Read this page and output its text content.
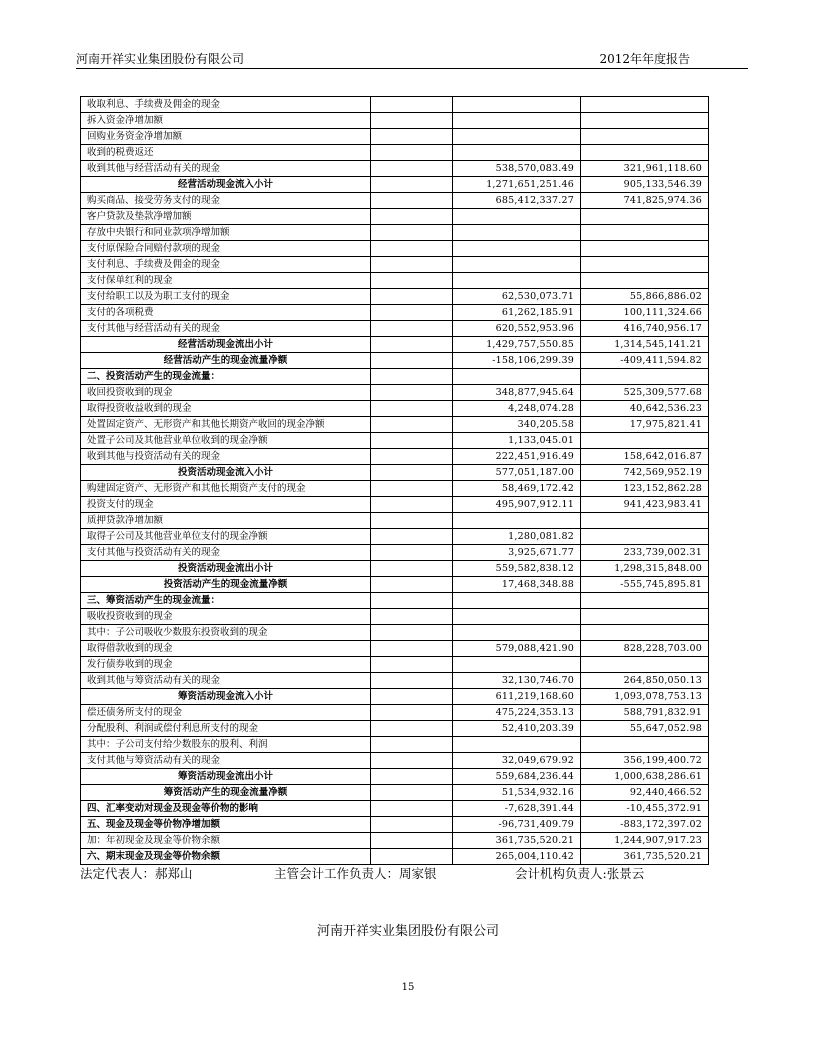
河南开祥实业集团股份有限公司	2012年年度报告
收取利息、手续费及佣金的现金			
拆入资金净增加额			
回购业务资金净增加额			
收到的税费返还			
收到其他与经营活动有关的现金		538,570,083.49	321,961,118.60
经营活动现金流入小计		1,271,651,251.46	905,133,546.39
购买商品、接受劳务支付的现金		685,412,337.27	741,825,974.36
客户贷款及垫款净增加额			
存放中央银行和同业款项净增加额			
支付原保险合同赔付款项的现金			
支付利息、手续费及佣金的现金			
支付保单红利的现金			
支付给职工以及为职工支付的现金		62,530,073.71	55,866,886.02
支付的各项税费		61,262,185.91	100,111,324.66
支付其他与经营活动有关的现金		620,552,953.96	416,740,956.17
经营活动现金流出小计		1,429,757,550.85	1,314,545,141.21
经营活动产生的现金流量净额		-158,106,299.39	-409,411,594.82
二、投资活动产生的现金流量：			
收回投资收到的现金		348,877,945.64	525,309,577.68
取得投资收益收到的现金		4,248,074.28	40,642,536.23
处置固定资产、无形资产和其他长期资产收回的现金净额		340,205.58	17,975,821.41
处置子公司及其他营业单位收到的现金净额		1,133,045.01	
收到其他与投资活动有关的现金		222,451,916.49	158,642,016.87
投资活动现金流入小计		577,051,187.00	742,569,952.19
购建固定资产、无形资产和其他长期资产支付的现金		58,469,172.42	123,152,862.28
投资支付的现金		495,907,912.11	941,423,983.41
质押贷款净增加额			
取得子公司及其他营业单位支付的现金净额		1,280,081.82	
支付其他与投资活动有关的现金		3,925,671.77	233,739,002.31
投资活动现金流出小计		559,582,838.12	1,298,315,848.00
投资活动产生的现金流量净额		17,468,348.88	-555,745,895.81
三、筹资活动产生的现金流量：			
吸收投资收到的现金			
其中：子公司吸收少数股东投资收到的现金			
取得借款收到的现金		579,088,421.90	828,228,703.00
发行债券收到的现金			
收到其他与筹资活动有关的现金		32,130,746.70	264,850,050.13
筹资活动现金流入小计		611,219,168.60	1,093,078,753.13
偿还债务所支付的现金		475,224,353.13	588,791,832.91
分配股利、利润或偿付利息所支付的现金		52,410,203.39	55,647,052.98
其中：子公司支付给少数股东的股利、利润			
支付其他与筹资活动有关的现金		32,049,679.92	356,199,400.72
筹资活动现金流出小计		559,684,236.44	1,000,638,286.61
筹资活动产生的现金流量净额		51,534,932.16	92,440,466.52
四、汇率变动对现金及现金等价物的影响		-7,628,391.44	-10,455,372.91
五、现金及现金等价物净增加额		-96,731,409.79	-883,172,397.02
加：年初现金及现金等价物余额		361,735,520.21	1,244,907,917.23
六、期末现金及现金等价物余额		265,004,110.42	361,735,520.21
法定代表人：郝郑山	主管会计工作负责人：周家银	会计机构负责人:张景云
河南开祥实业集团股份有限公司
15
